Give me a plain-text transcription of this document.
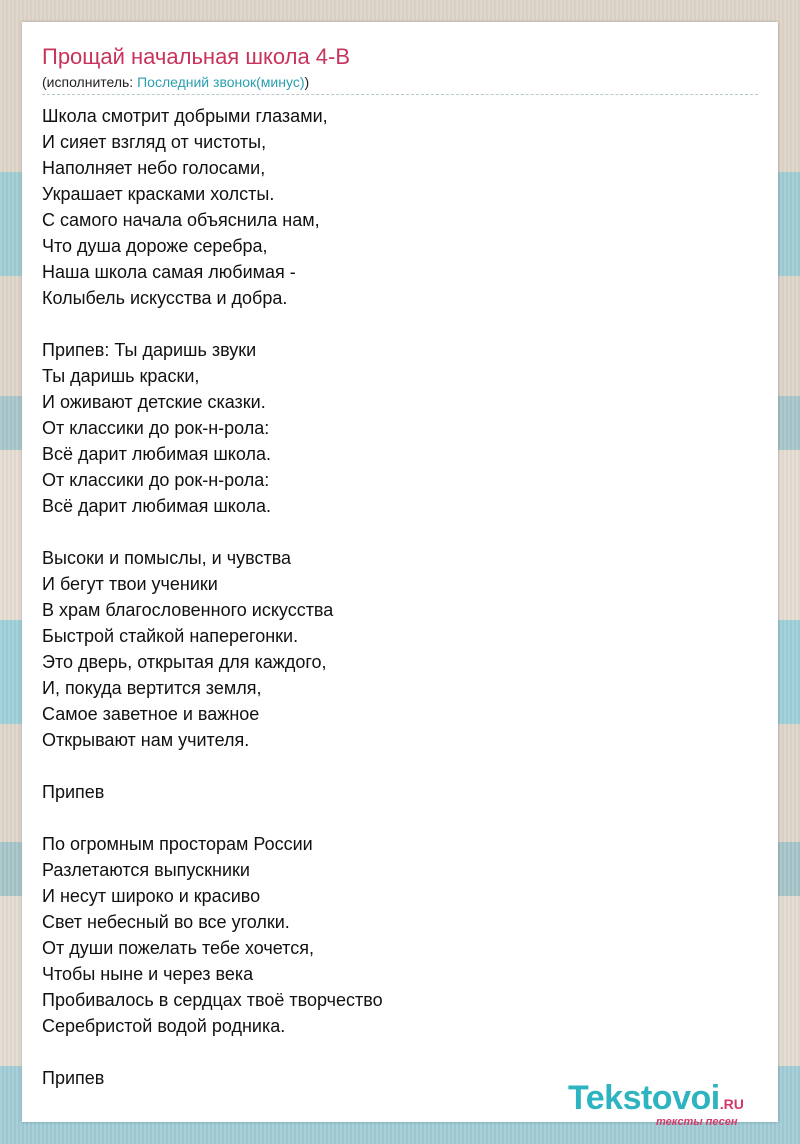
Прощай начальная школа 4-В
(исполнитель: Последний звонок(минус))
Школа смотрит добрыми глазами,
И сияет взгляд от чистоты,
Наполняет небо голосами,
Украшает красками холсты.
С самого начала объяснила нам,
Что душа дороже серебра,
Наша школа самая любимая -
Колыбель искусства и добра.
Припев: Ты даришь звуки
Ты даришь краски,
И оживают детские сказки.
От классики до рок-н-рола:
Всё дарит любимая школа.
От классики до рок-н-рола:
Всё дарит любимая школа.
Высоки и помыслы, и чувства
И бегут твои ученики
В храм благословенного искусства
Быстрой стайкой наперегонки.
Это дверь, открытая для каждого,
И, покуда вертится земля,
Самое заветное и важное
Открывают нам учителя.
Припев
По огромным просторам России
Разлетаются выпускники
И несут широко и красиво
Свет небесный во все уголки.
От души пожелать тебе хочется,
Чтобы ныне и через века
Пробивалось в сердцах твоё творчество
Серебристой водой родника.
Припев
Tekstovoi.RU
тексты песен
